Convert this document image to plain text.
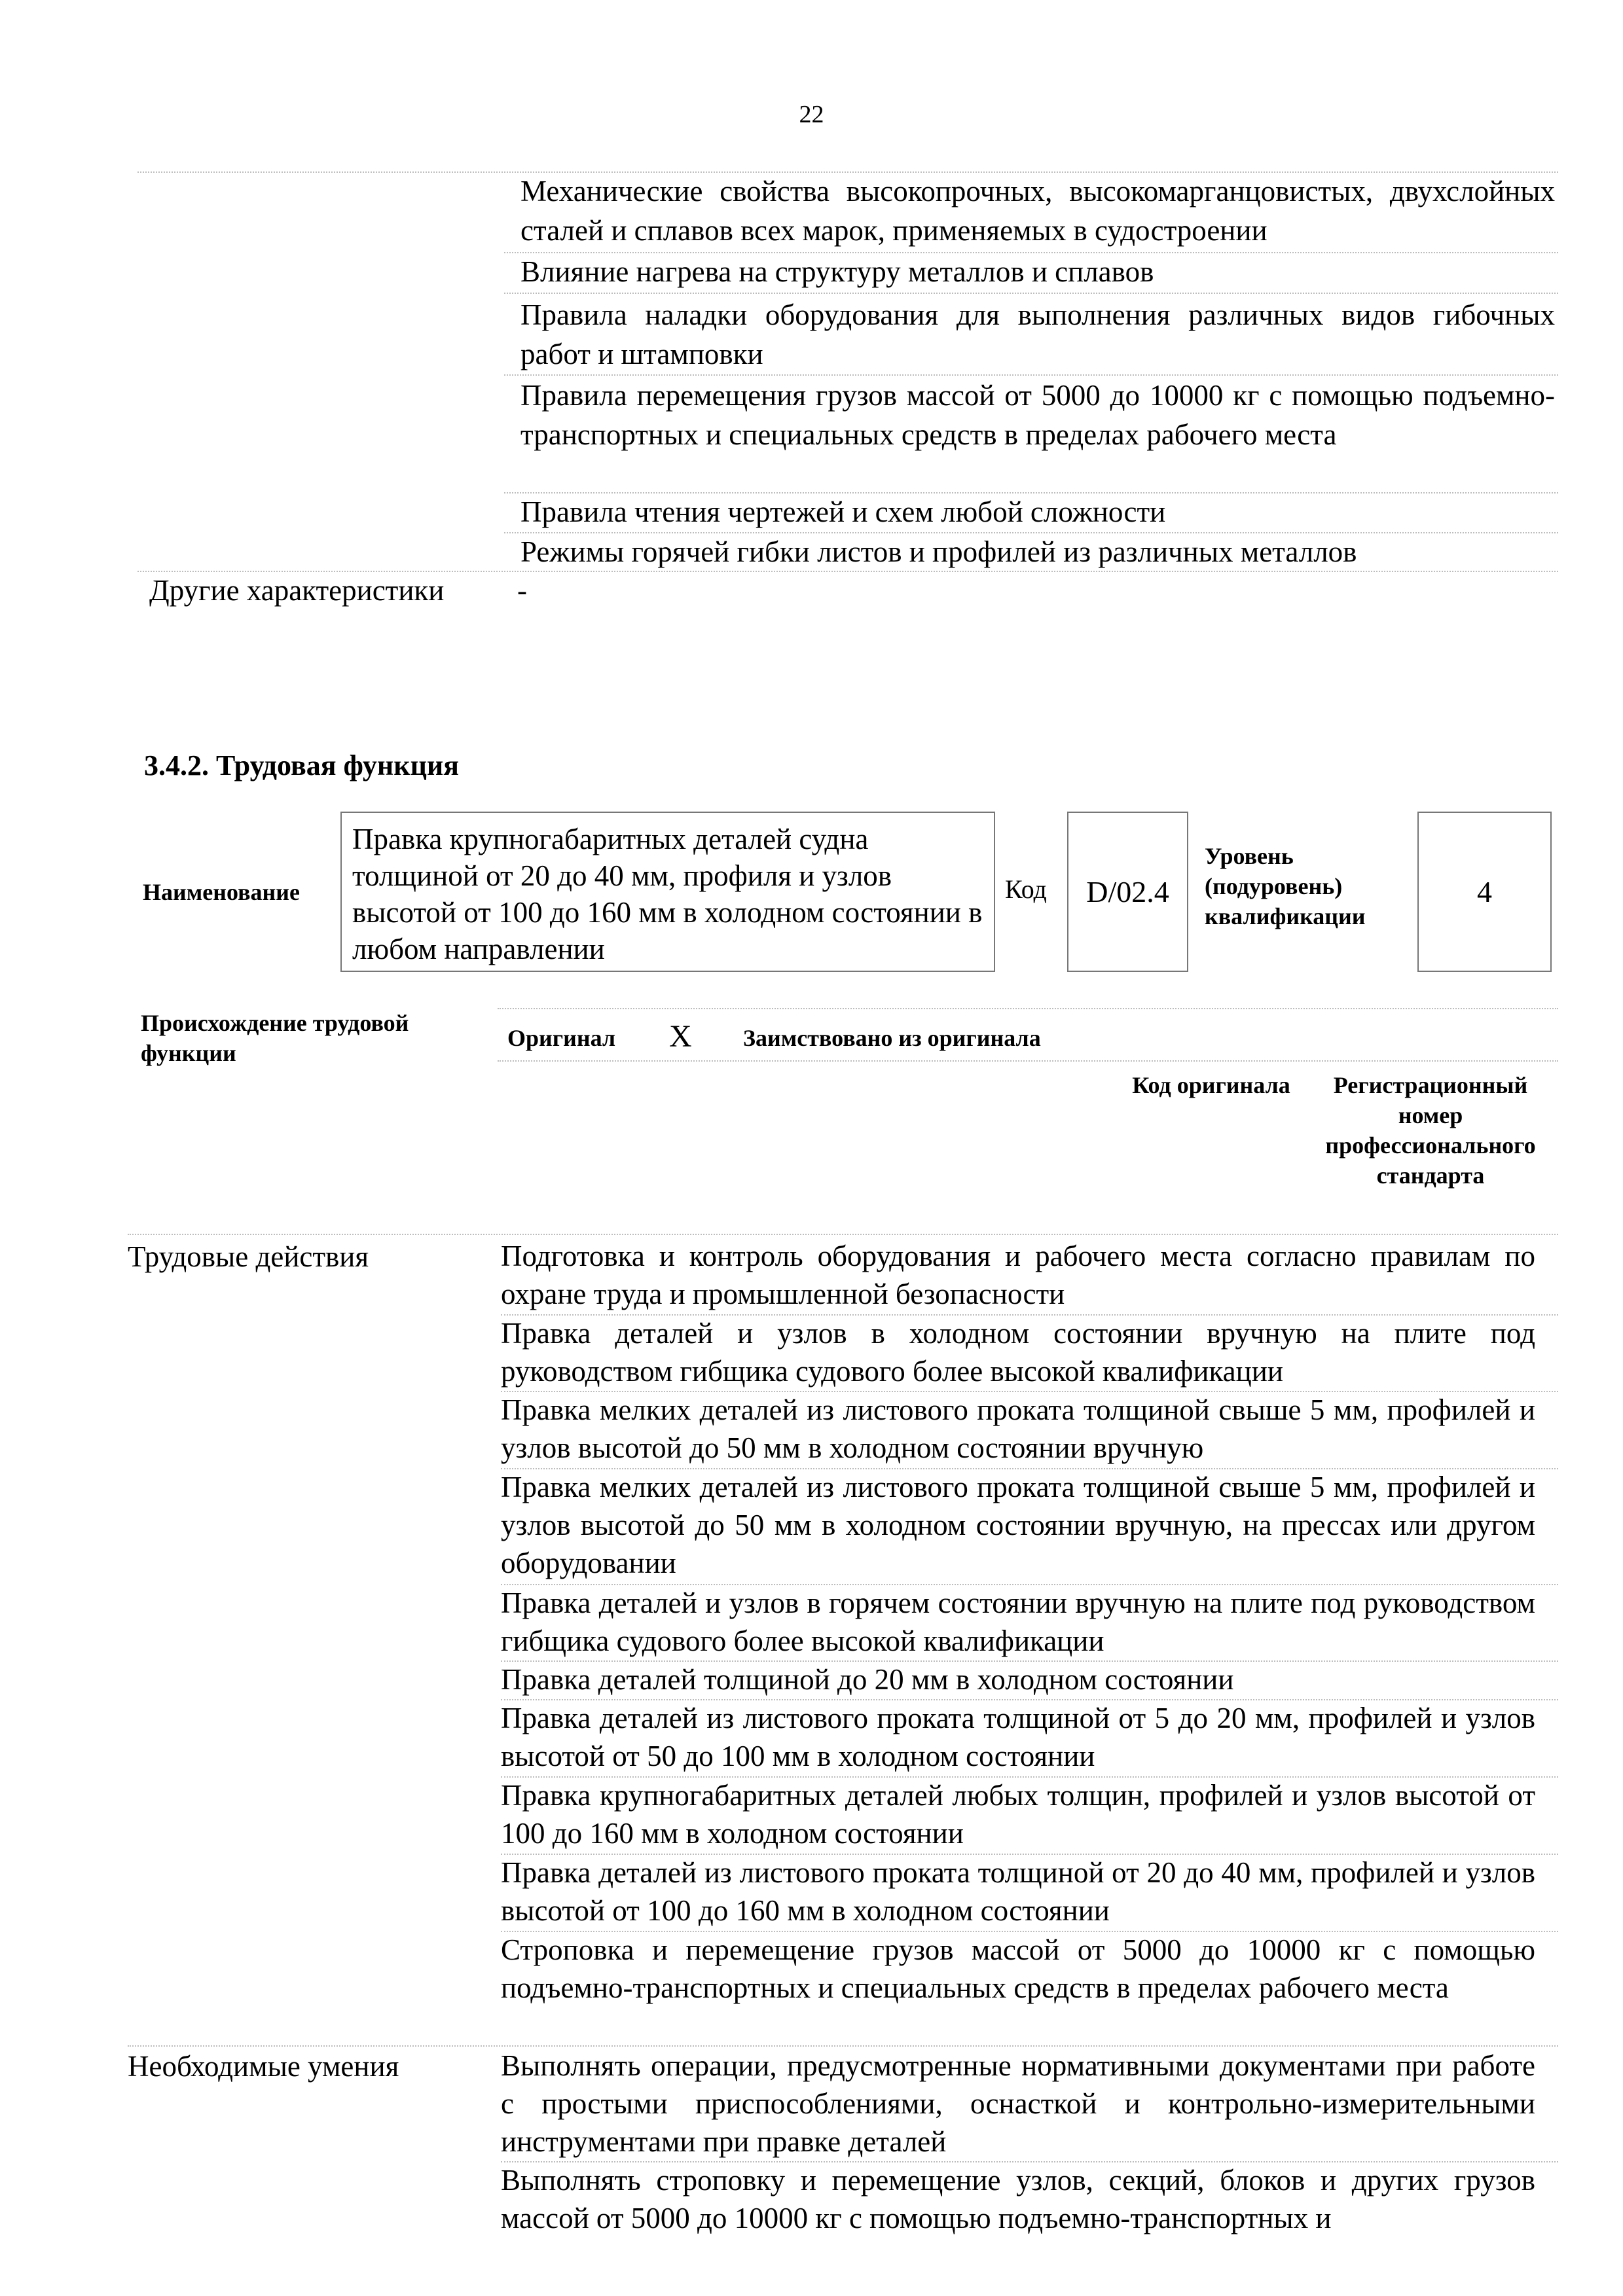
22
Механические свойства высокопрочных, высокомарганцовистых, двухслойных сталей и сплавов всех марок, применяемых в судостроении
Влияние нагрева на структуру металлов и сплавов
Правила наладки оборудования для выполнения различных видов гибочных работ и штамповки
Правила перемещения грузов массой от 5000 до 10000 кг с помощью подъемно-транспортных и специальных средств в пределах рабочего места
Правила чтения чертежей и схем любой сложности
Режимы горячей гибки листов и профилей из различных металлов
Другие характеристики	-
3.4.2. Трудовая функция
Наименование
Правка крупногабаритных деталей судна толщиной от 20 до 40 мм, профиля и узлов высотой от 100 до 160 мм в холодном состоянии в любом направлении
Код	D/02.4
Уровень (подуровень) квалификации
4
Происхождение трудовой функции
Оригинал X Заимствовано из оригинала
Код оригинала	Регистрационный номер профессионального стандарта
Трудовые действия	Подготовка и контроль оборудования и рабочего места согласно правилам по охране труда и промышленной безопасности
Правка деталей и узлов в холодном состоянии вручную на плите под руководством гибщика судового более высокой квалификации
Правка мелких деталей из листового проката толщиной свыше 5 мм, профилей и узлов высотой до 50 мм в холодном состоянии вручную
Правка мелких деталей из листового проката толщиной свыше 5 мм, профилей и узлов высотой до 50 мм в холодном состоянии вручную, на прессах или другом оборудовании
Правка деталей и узлов в горячем состоянии вручную на плите под руководством гибщика судового более высокой квалификации
Правка деталей толщиной до 20 мм в холодном состоянии
Правка деталей из листового проката толщиной от 5 до 20 мм, профилей и узлов высотой от 50 до 100 мм в холодном состоянии
Правка крупногабаритных деталей любых толщин, профилей и узлов высотой от 100 до 160 мм в холодном состоянии
Правка деталей из листового проката толщиной от 20 до 40 мм, профилей и узлов высотой от 100 до 160 мм в холодном состоянии
Строповка и перемещение грузов массой от 5000 до 10000 кг с помощью подъемно-транспортных и специальных средств в пределах рабочего места
Необходимые умения	Выполнять операции, предусмотренные нормативными документами при работе с простыми приспособлениями, оснасткой и контрольно-измерительными инструментами при правке деталей
Выполнять строповку и перемещение узлов, секций, блоков и других грузов массой от 5000 до 10000 кг с помощью подъемно-транспортных и
